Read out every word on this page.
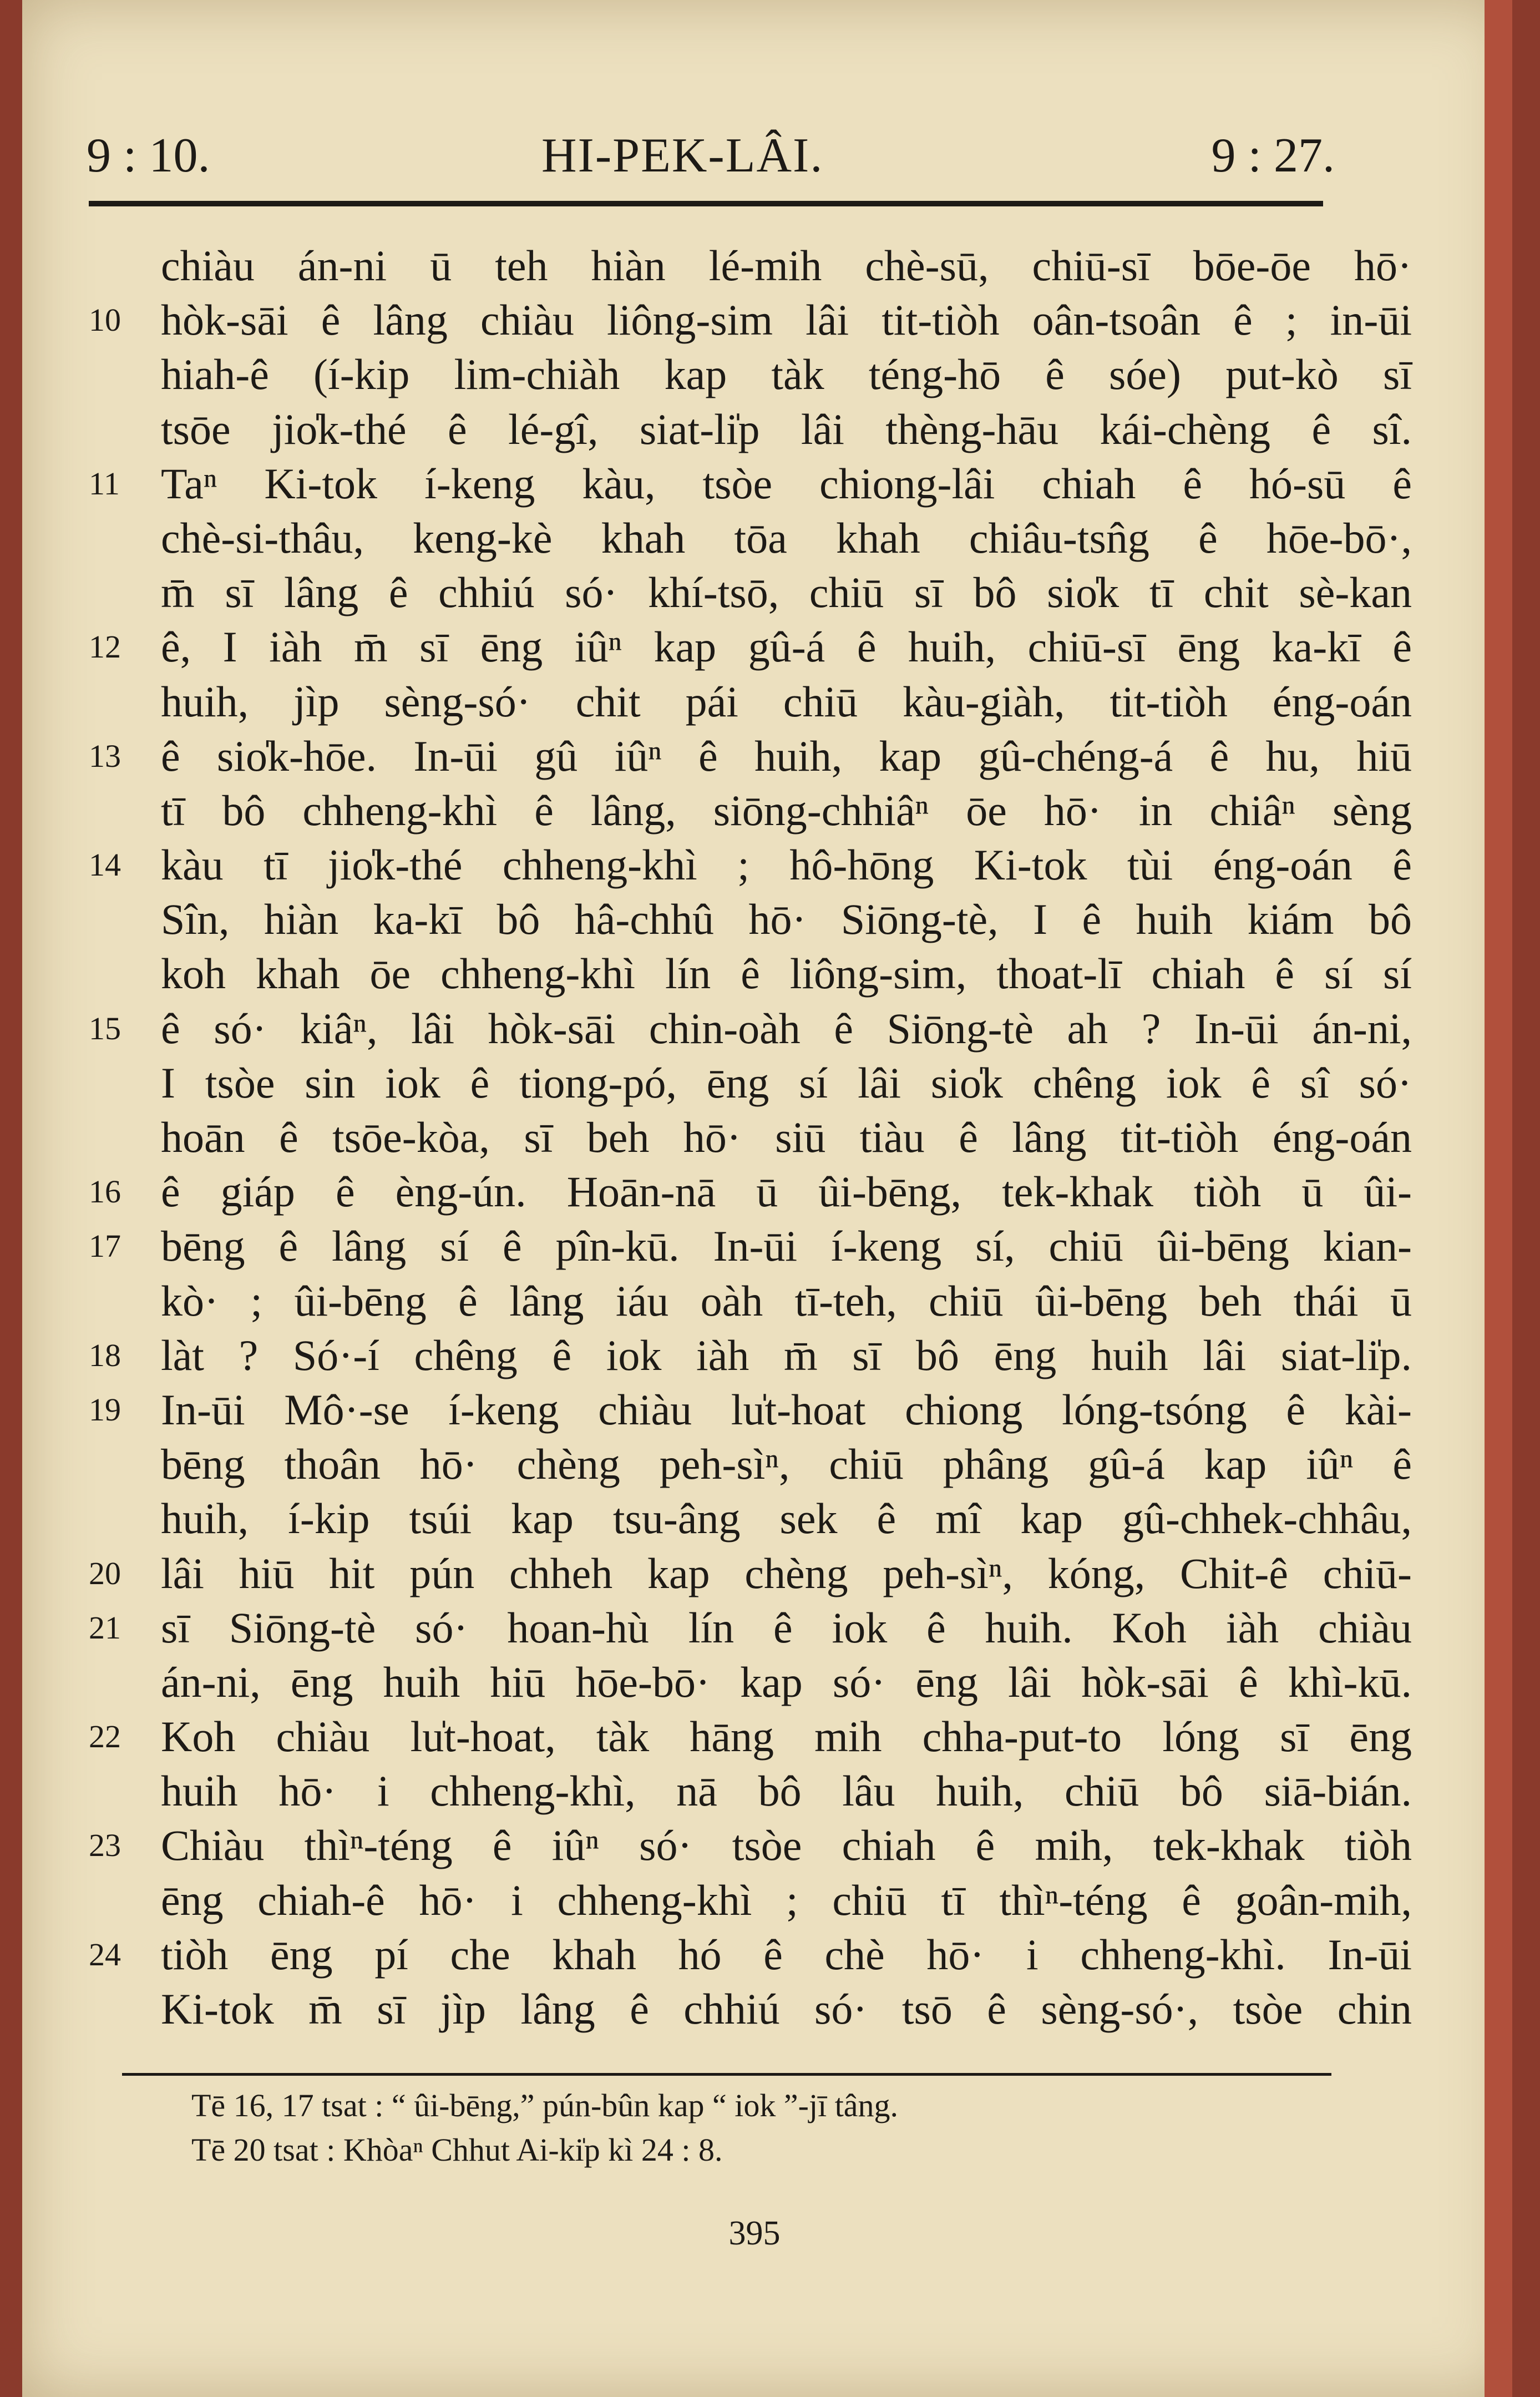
9 : 10.	HI-PEK-LÂI.	9 : 27.
chiàu án-ni ū teh hiàn lé-mih chè-sū, chiū-sī bōe-ōe hō·
10 hòk-sāi ê lâng chiàu liông-sim lâi tit-tiòh oân-tsoân ê ; in-ūi
hiah-ê (í-kip lim-chiàh kap tàk téng-hō ê sóe) put-kò sī
tsōe jio̍k-thé ê lé-gî, siat-li̍p lâi thèng-hāu kái-chèng ê sî.
11 Taⁿ Ki-tok í-keng kàu, tsòe chiong-lâi chiah ê hó-sū ê
chè-si-thâu, keng-kè khah tōa khah chiâu-tsn̂g ê hōe-bō·,
m̄ sī lâng ê chhiú só· khí-tsō, chiū sī bô sio̍k tī chit sè-kan
12 ê, I iàh m̄ sī ēng iûⁿ kap gû-á ê huih, chiū-sī ēng ka-kī ê
huih, jìp sèng-só· chit pái chiū kàu-giàh, tit-tiòh éng-oán
13 ê sio̍k-hōe. In-ūi gû iûⁿ ê huih, kap gû-chéng-á ê hu, hiū
tī bô chheng-khì ê lâng, siōng-chhiâⁿ ōe hō· in chiâⁿ sèng
14 kàu tī jio̍k-thé chheng-khì ; hô-hōng Ki-tok tùi éng-oán ê
Sîn, hiàn ka-kī bô hâ-chhû hō· Siōng-tè, I ê huih kiám bô
koh khah ōe chheng-khì lín ê liông-sim, thoat-lī chiah ê sí sí
15 ê só· kiâⁿ, lâi hòk-sāi chin-oàh ê Siōng-tè ah ? In-ūi án-ni,
I tsòe sin iok ê tiong-pó, ēng sí lâi sio̍k chêng iok ê sî só·
hoān ê tsōe-kòa, sī beh hō· siū tiàu ê lâng tit-tiòh éng-oán
16 ê giáp ê èng-ún. Hoān-nā ū ûi-bēng, tek-khak tiòh ū ûi-
17 bēng ê lâng sí ê pîn-kū. In-ūi í-keng sí, chiū ûi-bēng kian-
kò· ; ûi-bēng ê lâng iáu oàh tī-teh, chiū ûi-bēng beh thái ū
18 làt ? Só·-í chêng ê iok iàh m̄ sī bô ēng huih lâi siat-li̍p.
19 In-ūi Mô·-se í-keng chiàu lu̍t-hoat chiong lóng-tsóng ê kài-
bēng thoân hō· chèng peh-sìⁿ, chiū phâng gû-á kap iûⁿ ê
huih, í-kip tsúi kap tsu-âng sek ê mî kap gû-chhek-chhâu,
20 lâi hiū hit pún chheh kap chèng peh-sìⁿ, kóng, Chit-ê chiū-
21 sī Siōng-tè só· hoan-hù lín ê iok ê huih. Koh iàh chiàu
án-ni, ēng huih hiū hōe-bō· kap só· ēng lâi hòk-sāi ê khì-kū.
22 Koh chiàu lu̍t-hoat, tàk hāng mih chha-put-to lóng sī ēng
huih hō· i chheng-khì, nā bô lâu huih, chiū bô siā-bián.
23 Chiàu thìⁿ-téng ê iûⁿ só· tsòe chiah ê mih, tek-khak tiòh
ēng chiah-ê hō· i chheng-khì ; chiū tī thìⁿ-téng ê goân-mih,
24 tiòh ēng pí che khah hó ê chè hō· i chheng-khì. In-ūi
Ki-tok m̄ sī jìp lâng ê chhiú só· tsō ê sèng-só·, tsòe chin
Tē 16, 17 tsat : “ ûi-bēng,” pún-bûn kap “ iok ”-jī tâng.
Tē 20 tsat : Khòaⁿ Chhut Ai-ki̍p kì 24 : 8.
395
